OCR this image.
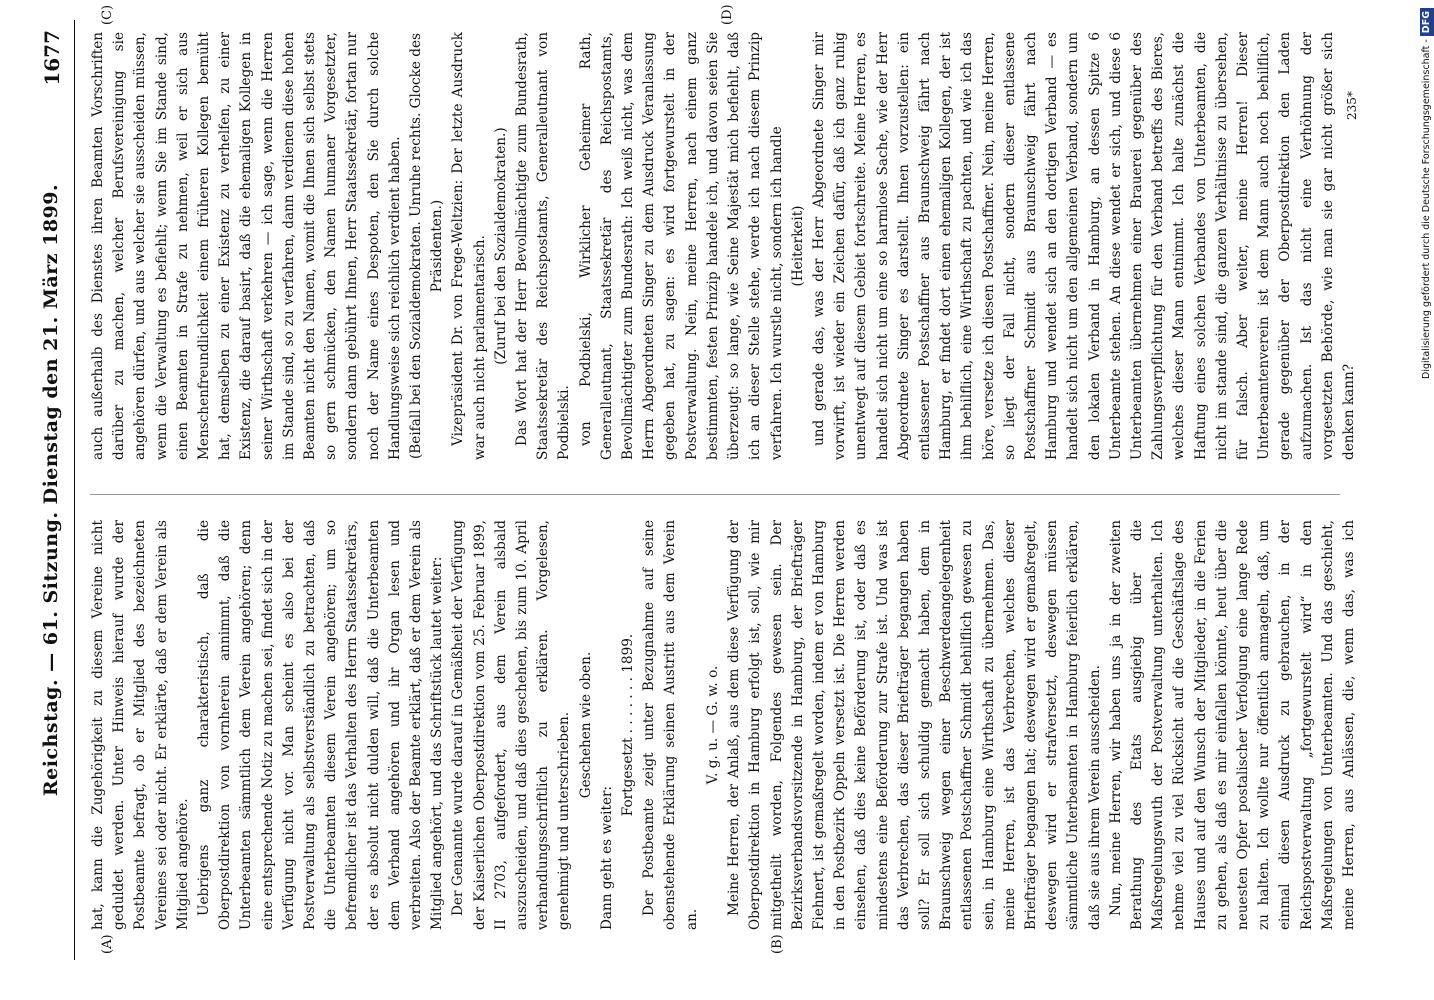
Reichstag. — 61. Sitzung. Dienstag den 21. März 1899.
1677
(A)	(B)
(C)	(D)

hat, kann die Zugehörigkeit zu diesem Vereine nicht geduldet werden. Unter Hinweis hierauf wurde der Postbeamte befragt, ob er Mitglied des bezeichneten Vereines sei oder nicht. Er erklärte, daß er dem Verein als Mitglied angehöre. Uebrigens ganz charakteristisch, daß die Oberpostdirektion von vornherein annimmt, daß die Unterbeamten sämmtlich dem Verein angehören; denn eine entsprechende Notiz zu machen sei, findet sich in der Verfügung nicht vor. Man scheint es also bei der Postverwaltung als selbstverständlich zu betrachten, daß die Unterbeamten diesem Verein angehören; um so befremdlicher ist das Verhalten des Herrn Staatssekretärs, der es absolut nicht dulden will, daß die Unterbeamten dem Verband angehören und ihr Organ lesen und verbreiten. Also der Beamte erklärt, daß er dem Verein als Mitglied angehört, und das Schriftstück lautet weiter: Der Genannte wurde darauf in Gemäßheit der Verfügung der Kaiserlichen Oberpostdirektion vom 25. Februar 1899, II 2703, aufgefordert, aus dem Verein alsbald auszuscheiden, und daß dies geschehen, bis zum 10. April verhandlungsschriftlich zu erklären. Vorgelesen, genehmigt und unterschrieben. Geschehen wie oben.

Dann geht es weiter:

Fortgesetzt . . . . . . . 1899. Der Postbeamte zeigt unter Bezugnahme auf seine obenstehende Erklärung seinen Austritt aus dem Verein an.

V. g. u. — G. w. o. Meine Herren, der Anlaß, aus dem diese Verfügung der Oberpostdirektion in Hamburg erfolgt ist, soll, wie mir mitgetheilt worden, Folgendes gewesen sein. Der Bezirksverbandsvorsitzende in Hamburg, der Briefträger Fiehnert, ist gemaßregelt worden, indem er von Hamburg in den Postbezirk Oppeln versetzt ist. Die Herren werden einsehen, daß dies keine Beförderung ist, oder daß es mindestens eine Beförderung zur Strafe ist. Und was ist das Verbrechen, das dieser Briefträger begangen haben soll? Er soll sich schuldig gemacht haben, dem in Braunschweig wegen einer Beschwerdeangelegenheit entlassenen Postschaffner Schmidt behilflich gewesen zu sein, in Hamburg eine Wirthschaft zu übernehmen. Das, meine Herren, ist das Verbrechen, welches dieser Briefträger begangen hat; deswegen wird er gemaßregelt, deswegen wird er strafversetzt, deswegen müssen sämmtliche Unterbeamten in Hamburg feierlich erklären, daß sie aus ihrem Verein ausscheiden. Nun, meine Herren, wir haben uns ja in der zweiten Berathung des Etats ausgiebig über die Maßregelungswuth der Postverwaltung unterhalten. Ich nehme viel zu viel Rücksicht auf die Geschäftslage des Hauses und auf den Wunsch der Mitglieder, in die Ferien zu gehen, als daß es mir einfallen könnte, heut über die neuesten Opfer postalischer Verfolgung eine lange Rede zu halten. Ich wollte nur öffentlich anmageln, daß, um einmal diesen Ausdruck zu gebrauchen, in der Reichspostverwaltung „fortgewurstelt wird“ in den Maßregelungen von Unterbeamten. Und das geschieht, meine Herren, aus Anlässen, die, wenn das, was ich

auch außerhalb des Dienstes ihren Beamten Vorschriften darüber zu machen, welcher Berufsvereinigung sie angehören dürfen, und aus welcher sie ausscheiden müssen, wenn die Verwaltung es befiehlt; wenn Sie im Stande sind, einen Beamten in Strafe zu nehmen, weil er sich aus Menschenfreundlichkeit einem früheren Kollegen bemüht hat, demselben zu einer Existenz zu verhelfen, zu einer Existenz, die darauf basirt, daß die ehemaligen Kollegen in seiner Wirthschaft verkehren — ich sage, wenn die Herren im Stande sind, so zu verfahren, dann verdienen diese hohen Beamten nicht den Namen, womit die Ihnen sich selbst stets so gern schmücken, den Namen humaner Vorgesetzter, sondern dann gebührt Ihnen, Herr Staatssekretär, fortan nur noch der Name eines Despoten, den Sie durch solche Handlungsweise sich reichlich verdient haben. (Beifall bei den Sozialdemokraten. Unruhe rechts. Glocke des Präsidenten.) Vizepräsident Dr. von Frege-Weltzien: Der letzte Ausdruck war auch nicht parlamentarisch. (Zuruf bei den Sozialdemokraten.) Das Wort hat der Herr Bevollmächtigte zum Bundesrath, Staatssekretär des Reichspostamts, Generalleutnant von Podbielski. von Podbielski, Wirklicher Geheimer Rath, Generalleutnant, Staatssekretär des Reichspostamts, Bevollmächtigter zum Bundesrath: Ich weiß nicht, was dem Herrn Abgeordneten Singer zu dem Ausdruck Veranlassung gegeben hat, zu sagen: es wird fortgewurstelt in der Postverwaltung. Nein, meine Herren, nach einem ganz bestimmten, festen Prinzip handele ich, und davon seien Sie überzeugt: so lange, wie Seine Majestät mich befiehlt, daß ich an dieser Stelle stehe, werde ich nach diesem Prinzip verfahren. Ich wurstle nicht, sondern ich handle (Heiterkeit) und gerade das, was der Herr Abgeordnete Singer mir vorwirft, ist wieder ein Zeichen dafür, daß ich ganz ruhig unentwegt auf diesem Gebiet fortschreite. Meine Herren, es handelt sich nicht um eine so harmlose Sache, wie der Herr Abgeordnete Singer es darstellt. Ihnen vorzustellen: ein entlassener Postschaffner aus Braunschweig fährt nach Hamburg, er findet dort einen ehemaligen Kollegen, der ist ihm behilflich, eine Wirthschaft zu pachten, und wie ich das höre, versetze ich diesen Postschaffner. Nein, meine Herren, so liegt der Fall nicht, sondern dieser entlassene Postschaffner Schmidt aus Braunschweig fährt nach Hamburg und wendet sich an den dortigen Verband — es handelt sich nicht um den allgemeinen Verband, sondern um den lokalen Verband in Hamburg, an dessen Spitze 6 Unterbeamte stehen. An diese wendet er sich, und diese 6 Unterbeamten übernehmen einer Brauerei gegenüber des Zahlungsverpflichtung für den Verband betreffs des Bieres, welches dieser Mann entnimmt. Ich halte zunächst die Haftung eines solchen Verbandes von Unterbeamten, die nicht im stande sind, die ganzen Verhältnisse zu übersehen, für falsch. Aber weiter, meine Herren! Dieser Unterbeamtenverein ist dem Mann auch noch behilflich, gerade gegenüber der Oberpostdirektion den Laden aufzumachen. Ist das nicht eine Verhöhnung der vorgesetzten Behörde, wie man sie gar nicht größer sich denken kann?

235*	Digitalisierung gefördert durch die Deutsche Forschungsgemeinschaft -DFG
